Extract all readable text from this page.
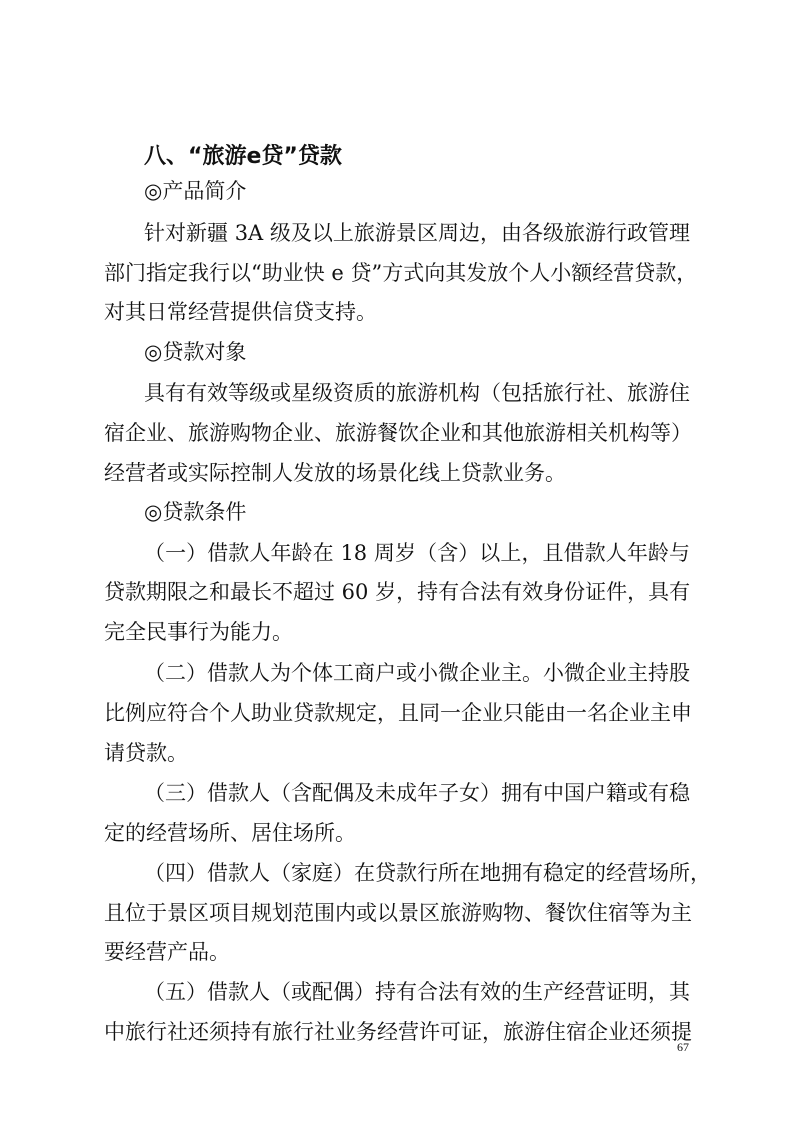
八、“旅游e贷”贷款
◎产品简介
针对新疆 3A 级及以上旅游景区周边，由各级旅游行政管理
部门指定我行以“助业快 e 贷”方式向其发放个人小额经营贷款，
对其日常经营提供信贷支持。
◎贷款对象
具有有效等级或星级资质的旅游机构（包括旅行社、旅游住
宿企业、旅游购物企业、旅游餐饮企业和其他旅游相关机构等）
经营者或实际控制人发放的场景化线上贷款业务。
◎贷款条件
（一）借款人年龄在 18 周岁（含）以上，且借款人年龄与
贷款期限之和最长不超过 60 岁，持有合法有效身份证件，具有
完全民事行为能力。
（二）借款人为个体工商户或小微企业主。小微企业主持股
比例应符合个人助业贷款规定，且同一企业只能由一名企业主申
请贷款。
（三）借款人（含配偶及未成年子女）拥有中国户籍或有稳
定的经营场所、居住场所。
（四）借款人（家庭）在贷款行所在地拥有稳定的经营场所，
且位于景区项目规划范围内或以景区旅游购物、餐饮住宿等为主
要经营产品。
（五）借款人（或配偶）持有合法有效的生产经营证明，其
中旅行社还须持有旅行社业务经营许可证，旅游住宿企业还须提
67
